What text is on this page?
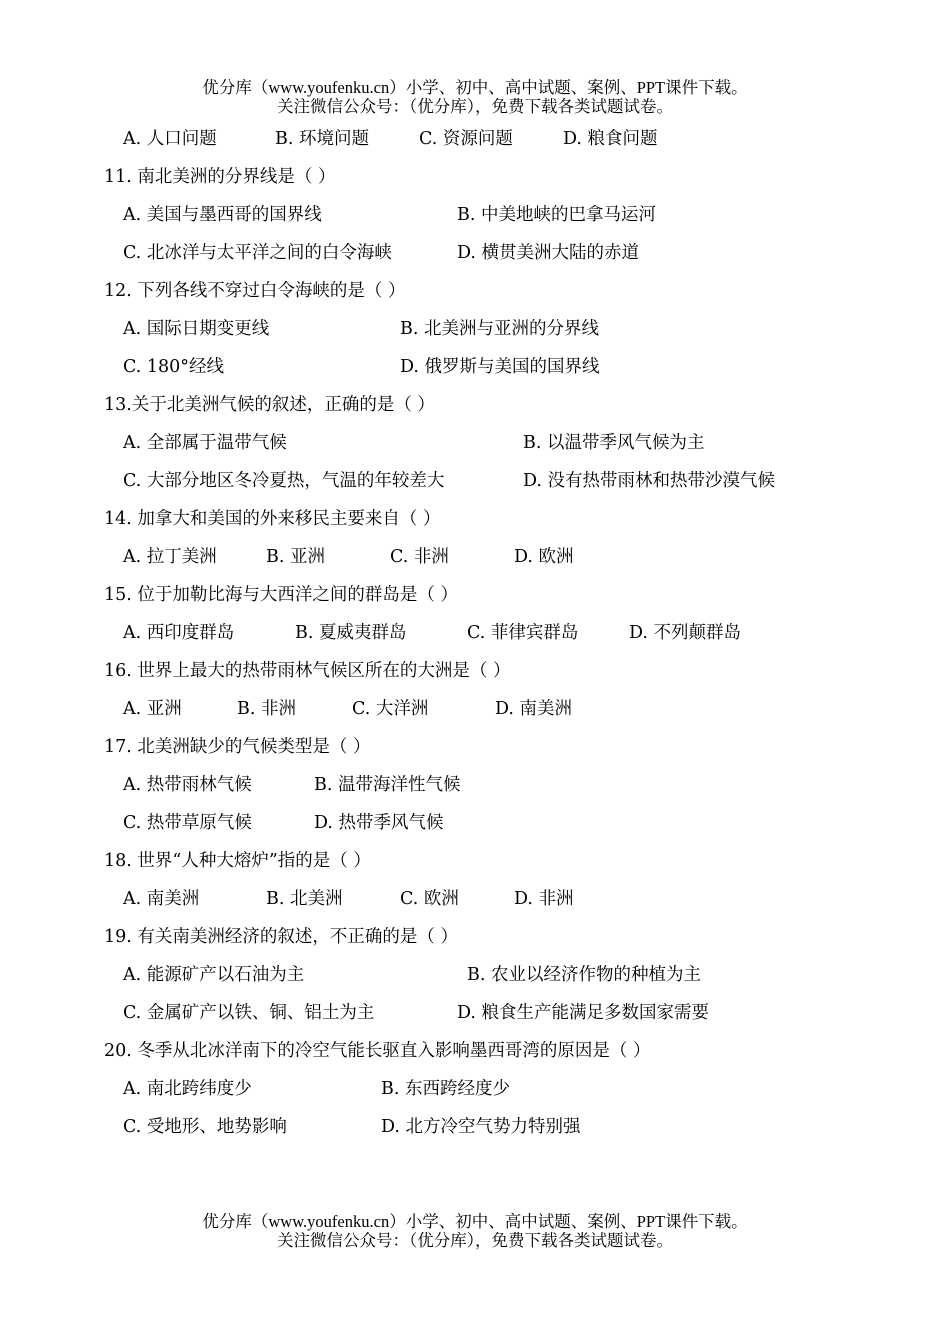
优分库（www.youfenku.cn）小学、初中、高中试题、案例、PPT课件下载。
关注微信公众号：（优分库），免费下载各类试题试卷。
A. 人口问题	B. 环境问题	C. 资源问题	D. 粮食问题
11. 南北美洲的分界线是（ ）
A. 美国与墨西哥的国界线	B. 中美地峡的巴拿马运河
C. 北冰洋与太平洋之间的白令海峡	D. 横贯美洲大陆的赤道
12. 下列各线不穿过白令海峡的是（ ）
A. 国际日期变更线	B. 北美洲与亚洲的分界线
C. 180°经线	D. 俄罗斯与美国的国界线
13.关于北美洲气候的叙述，正确的是（ ）
A. 全部属于温带气候	B. 以温带季风气候为主
C. 大部分地区冬冷夏热，气温的年较差大	D. 没有热带雨林和热带沙漠气候
14. 加拿大和美国的外来移民主要来自（ ）
A. 拉丁美洲	B. 亚洲	C. 非洲	D. 欧洲
15. 位于加勒比海与大西洋之间的群岛是（ ）
A. 西印度群岛	B. 夏威夷群岛	C. 菲律宾群岛	D. 不列颠群岛
16. 世界上最大的热带雨林气候区所在的大洲是（ ）
A. 亚洲	B. 非洲	C. 大洋洲	D. 南美洲
17. 北美洲缺少的气候类型是（ ）
A. 热带雨林气候	B. 温带海洋性气候
C. 热带草原气候	D. 热带季风气候
18. 世界“人种大熔炉”指的是（ ）
A. 南美洲	B. 北美洲	C. 欧洲	D. 非洲
19. 有关南美洲经济的叙述，不正确的是（ ）
A. 能源矿产以石油为主	B. 农业以经济作物的种植为主
C. 金属矿产以铁、铜、铝土为主	D. 粮食生产能满足多数国家需要
20. 冬季从北冰洋南下的冷空气能长驱直入影响墨西哥湾的原因是（ ）
A. 南北跨纬度少	B. 东西跨经度少
C. 受地形、地势影响	D. 北方冷空气势力特别强
优分库（www.youfenku.cn）小学、初中、高中试题、案例、PPT课件下载。
关注微信公众号：（优分库），免费下载各类试题试卷。
